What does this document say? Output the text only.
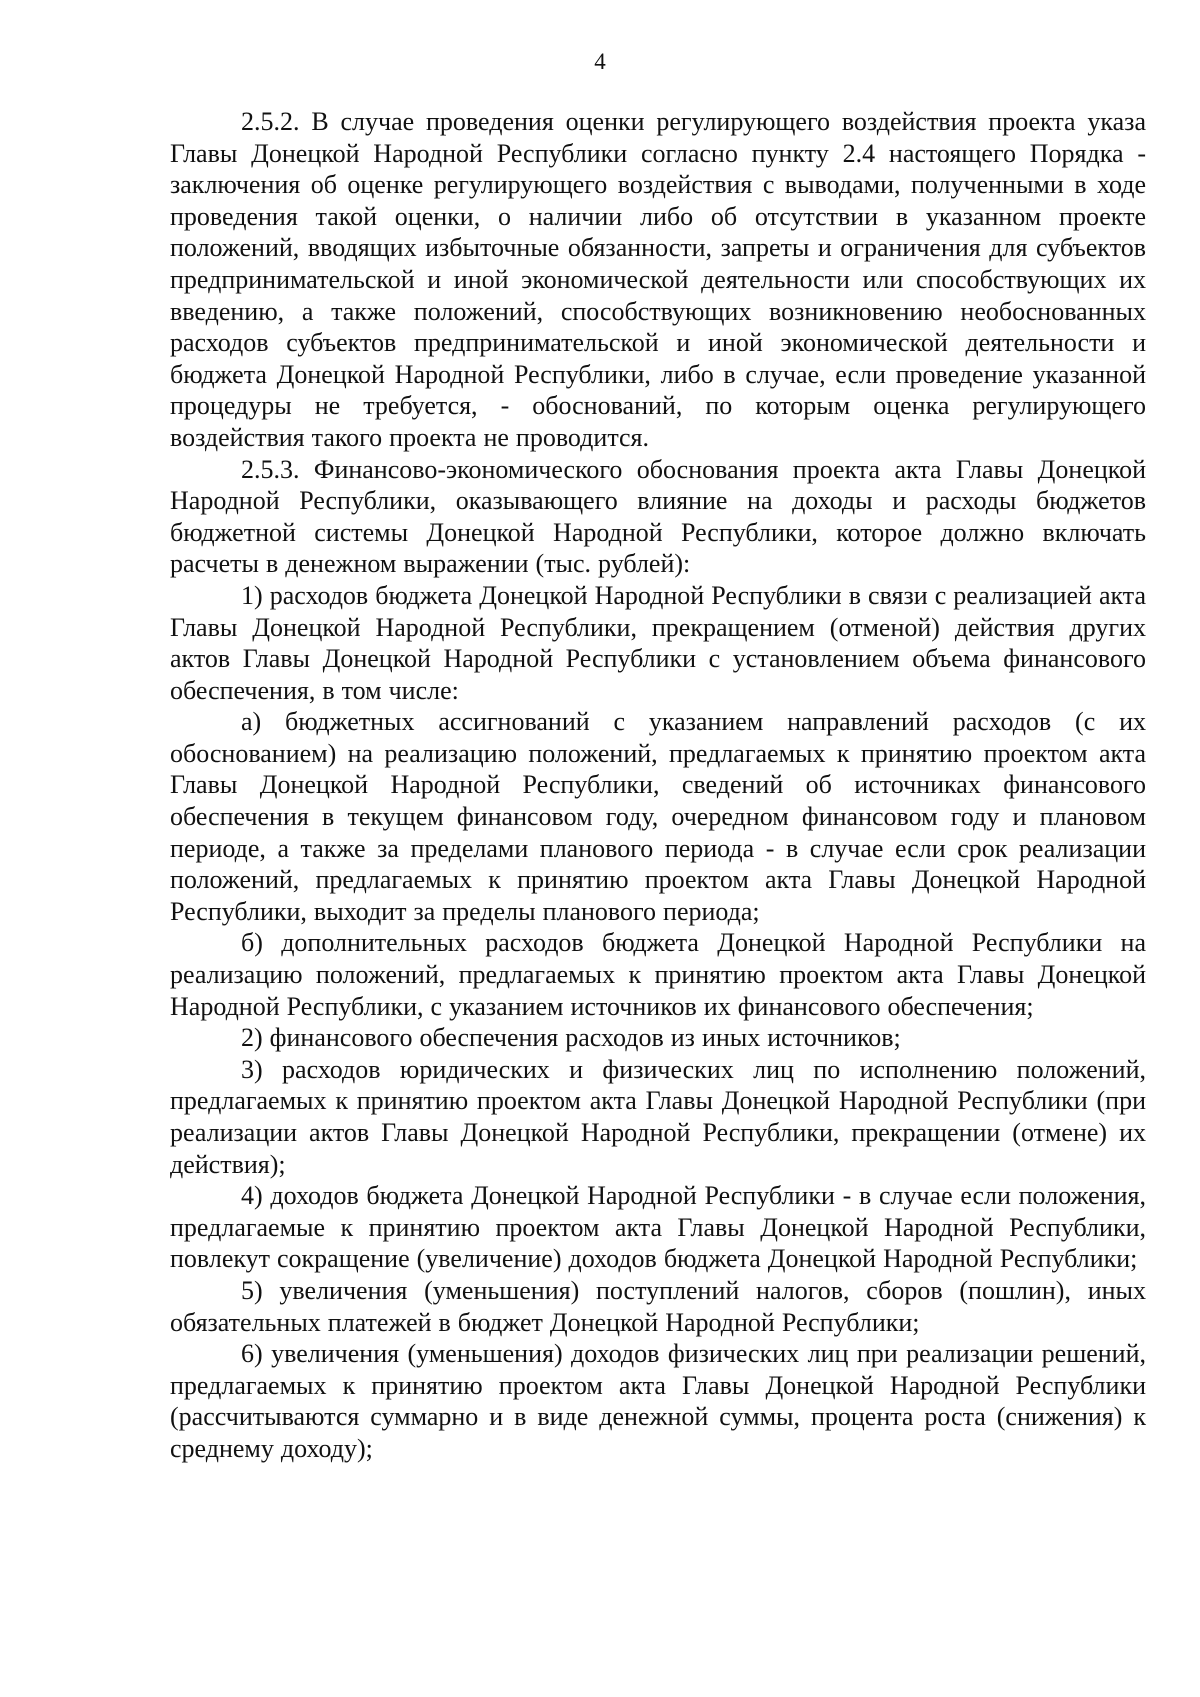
4

2.5.2. В случае проведения оценки регулирующего воздействия проекта указа Главы Донецкой Народной Республики согласно пункту 2.4 настоящего Порядка - заключения об оценке регулирующего воздействия с выводами, полученными в ходе проведения такой оценки, о наличии либо об отсутствии в указанном проекте положений, вводящих избыточные обязанности, запреты и ограничения для субъектов предпринимательской и иной экономической деятельности или способствующих их введению, а также положений, способствующих возникновению необоснованных расходов субъектов предпринимательской и иной экономической деятельности и бюджета Донецкой Народной Республики, либо в случае, если проведение указанной процедуры не требуется, - обоснований, по которым оценка регулирующего воздействия такого проекта не проводится.

2.5.3. Финансово-экономического обоснования проекта акта Главы Донецкой Народной Республики, оказывающего влияние на доходы и расходы бюджетов бюджетной системы Донецкой Народной Республики, которое должно включать расчеты в денежном выражении (тыс. рублей):

1) расходов бюджета Донецкой Народной Республики в связи с реализацией акта Главы Донецкой Народной Республики, прекращением (отменой) действия других актов Главы Донецкой Народной Республики с установлением объема финансового обеспечения, в том числе:

а) бюджетных ассигнований с указанием направлений расходов (с их обоснованием) на реализацию положений, предлагаемых к принятию проектом акта Главы Донецкой Народной Республики, сведений об источниках финансового обеспечения в текущем финансовом году, очередном финансовом году и плановом периоде, а также за пределами планового периода - в случае если срок реализации положений, предлагаемых к принятию проектом акта Главы Донецкой Народной Республики, выходит за пределы планового периода;

б) дополнительных расходов бюджета Донецкой Народной Республики на реализацию положений, предлагаемых к принятию проектом акта Главы Донецкой Народной Республики, с указанием источников их финансового обеспечения;

2) финансового обеспечения расходов из иных источников;

3) расходов юридических и физических лиц по исполнению положений, предлагаемых к принятию проектом акта Главы Донецкой Народной Республики (при реализации актов Главы Донецкой Народной Республики, прекращении (отмене) их действия);

4) доходов бюджета Донецкой Народной Республики - в случае если положения, предлагаемые к принятию проектом акта Главы Донецкой Народной Республики, повлекут сокращение (увеличение) доходов бюджета Донецкой Народной Республики;

5) увеличения (уменьшения) поступлений налогов, сборов (пошлин), иных обязательных платежей в бюджет Донецкой Народной Республики;

6) увеличения (уменьшения) доходов физических лиц при реализации решений, предлагаемых к принятию проектом акта Главы Донецкой Народной Республики (рассчитываются суммарно и в виде денежной суммы, процента роста (снижения) к среднему доходу);
